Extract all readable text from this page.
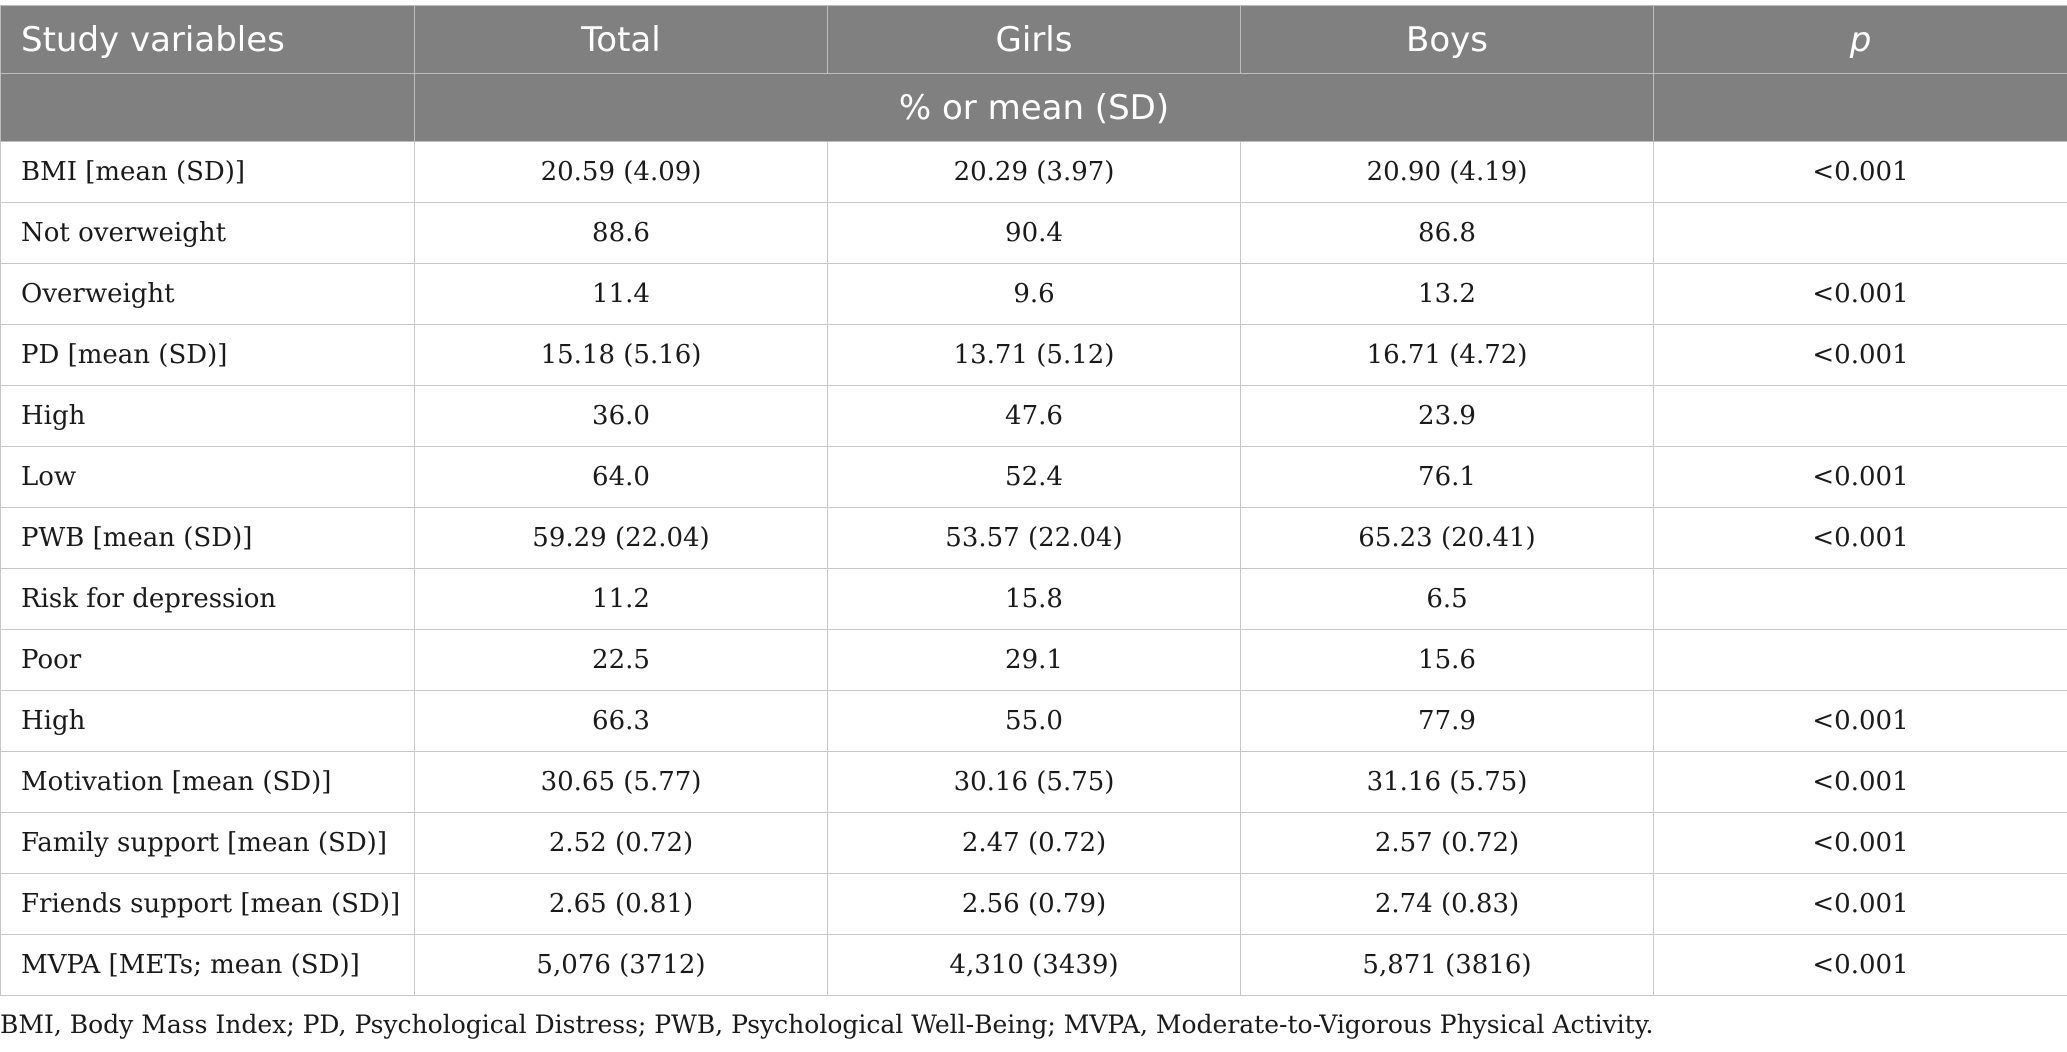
Study variables	Total	Girls	Boys	p
	% or mean (SD)			
BMI [mean (SD)]	20.59 (4.09)	20.29 (3.97)	20.90 (4.19)	<0.001
Not overweight	88.6	90.4	86.8	
Overweight	11.4	9.6	13.2	<0.001
PD [mean (SD)]	15.18 (5.16)	13.71 (5.12)	16.71 (4.72)	<0.001
High	36.0	47.6	23.9	
Low	64.0	52.4	76.1	<0.001
PWB [mean (SD)]	59.29 (22.04)	53.57 (22.04)	65.23 (20.41)	<0.001
Risk for depression	11.2	15.8	6.5	
Poor	22.5	29.1	15.6	
High	66.3	55.0	77.9	<0.001
Motivation [mean (SD)]	30.65 (5.77)	30.16 (5.75)	31.16 (5.75)	<0.001
Family support [mean (SD)]	2.52 (0.72)	2.47 (0.72)	2.57 (0.72)	<0.001
Friends support [mean (SD)]	2.65 (0.81)	2.56 (0.79)	2.74 (0.83)	<0.001
MVPA [METs; mean (SD)]	5,076 (3712)	4,310 (3439)	5,871 (3816)	<0.001
BMI, Body Mass Index; PD, Psychological Distress; PWB, Psychological Well-Being; MVPA, Moderate-to-Vigorous Physical Activity.
